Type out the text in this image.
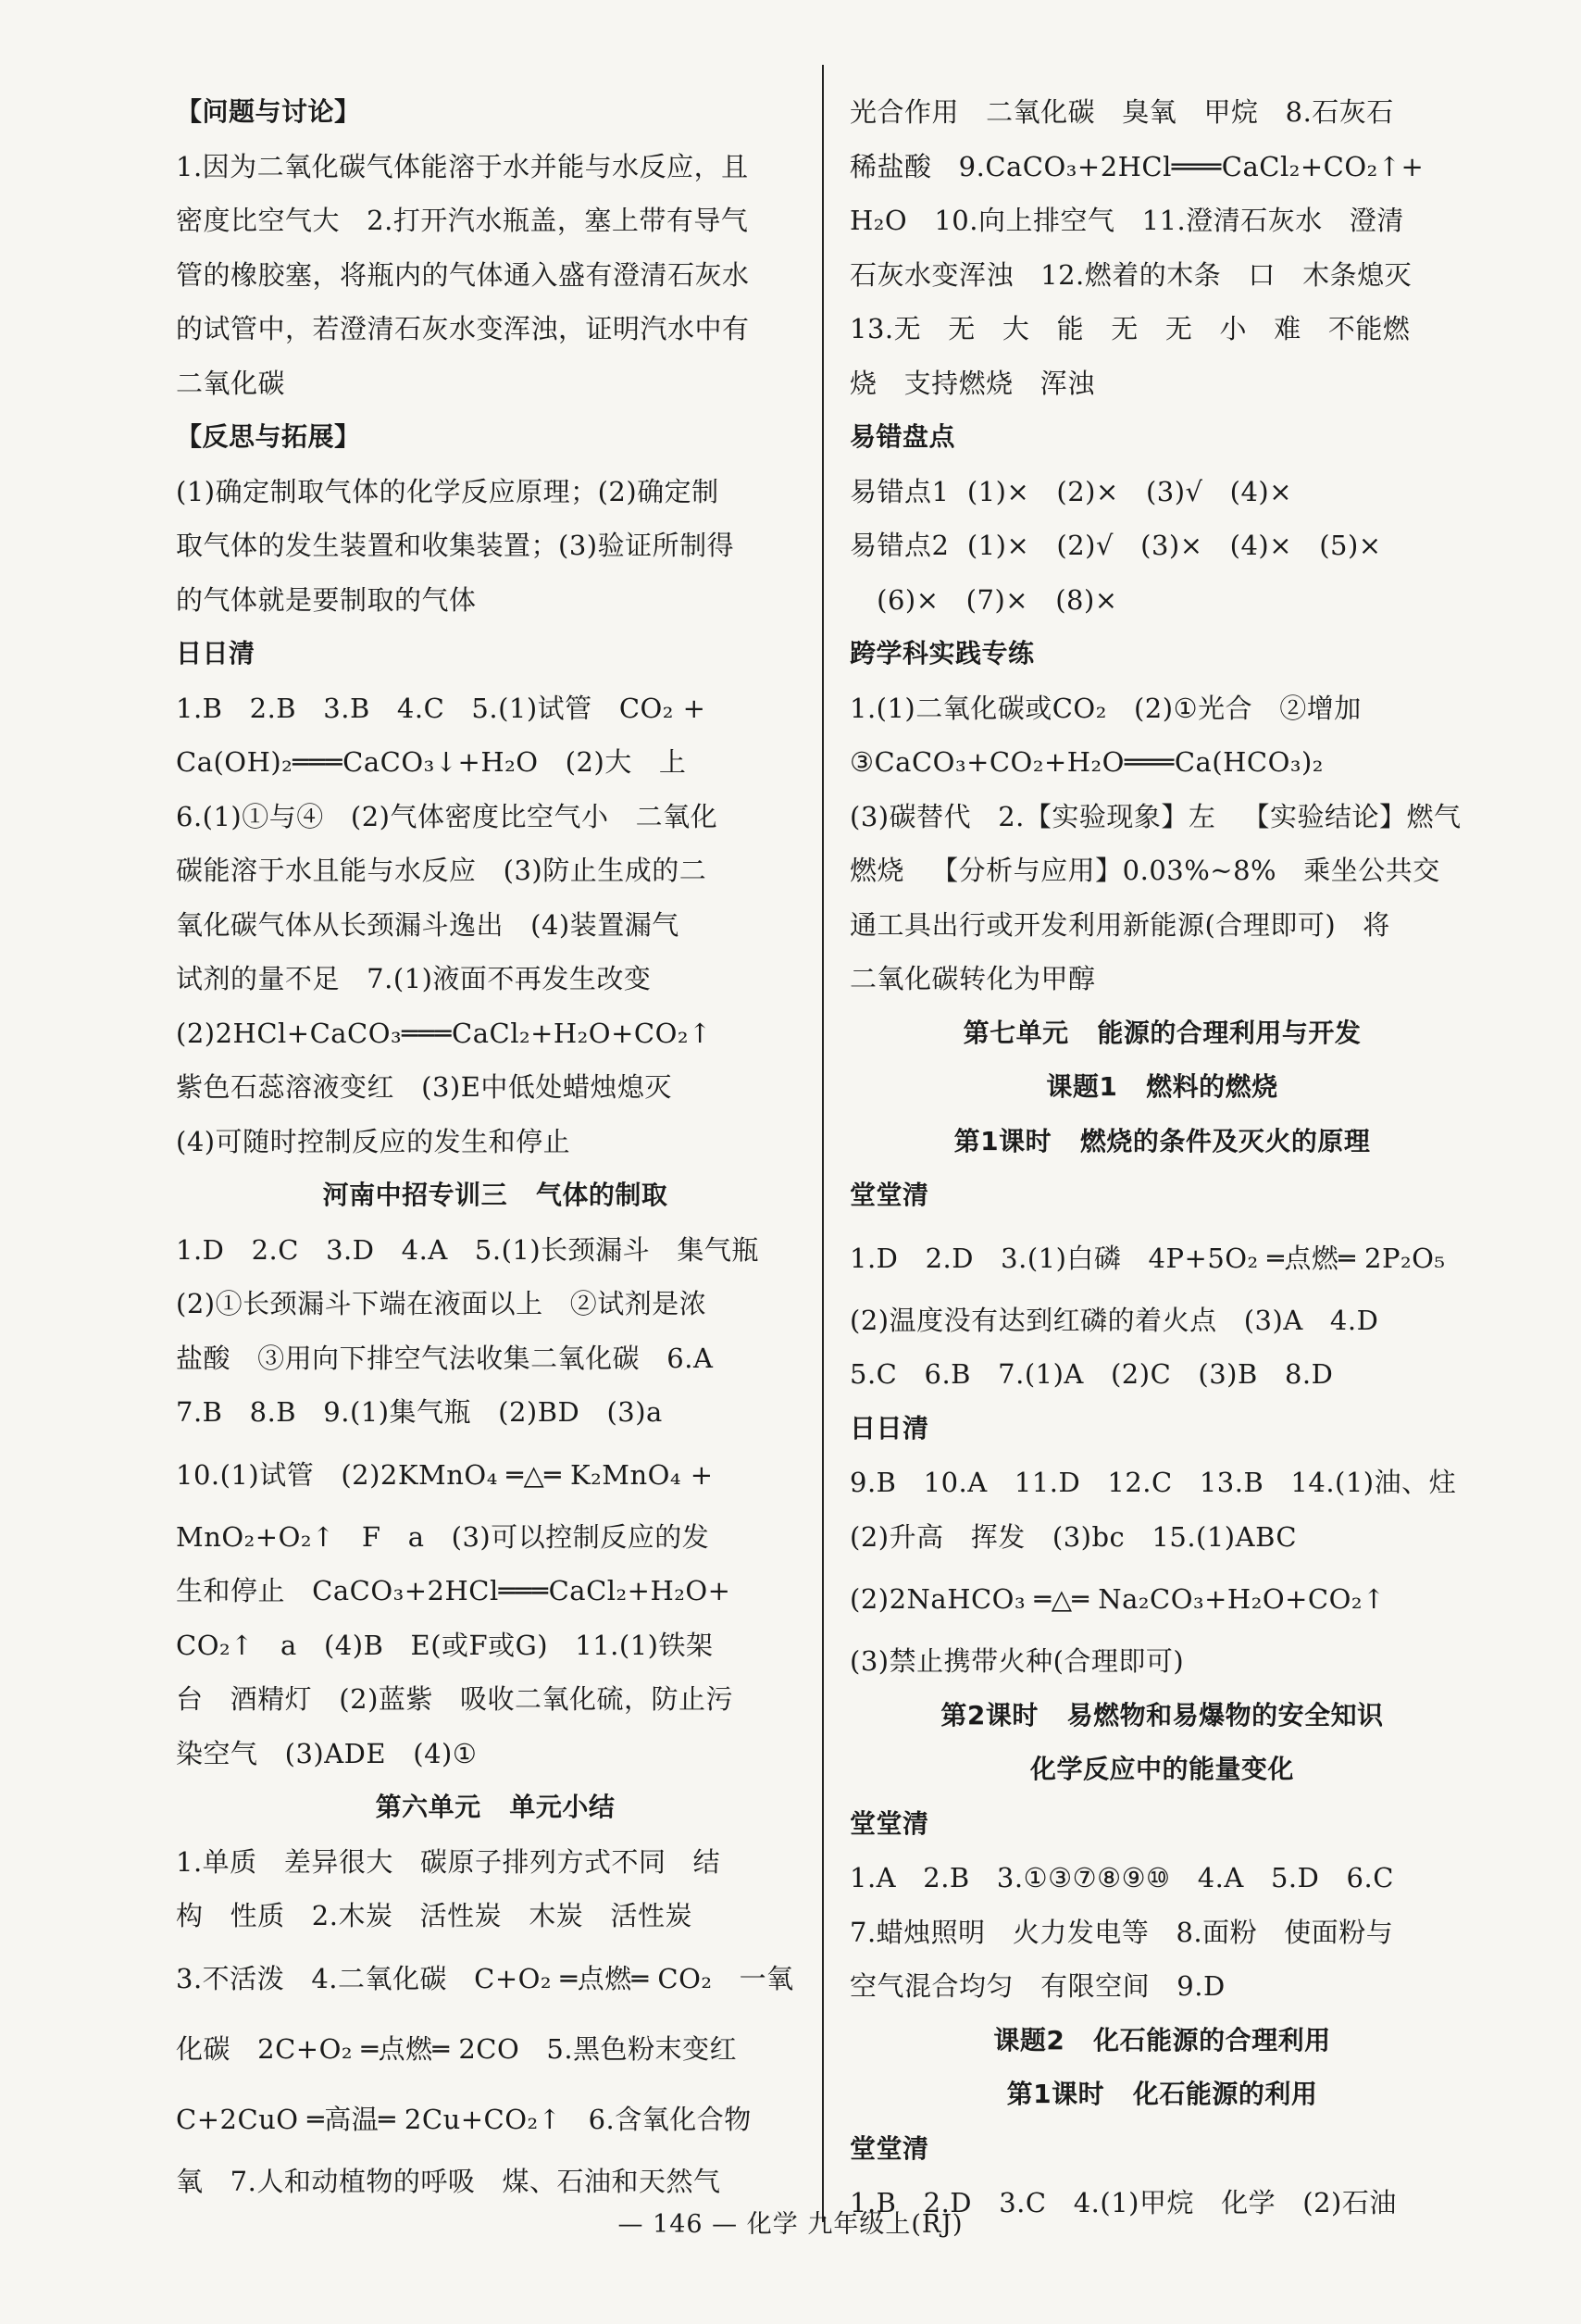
【问题与讨论】
1.因为二氧化碳气体能溶于水并能与水反应，且
密度比空气大   2.打开汽水瓶盖，塞上带有导气
管的橡胶塞，将瓶内的气体通入盛有澄清石灰水
的试管中，若澄清石灰水变浑浊，证明汽水中有
二氧化碳
【反思与拓展】
(1)确定制取气体的化学反应原理；(2)确定制
取气体的发生装置和收集装置；(3)验证所制得
的气体就是要制取的气体
日日清
1.B   2.B   3.B   4.C   5.(1)试管   CO₂ +
Ca(OH)₂═══CaCO₃↓+H₂O   (2)大   上
6.(1)①与④   (2)气体密度比空气小   二氧化
碳能溶于水且能与水反应   (3)防止生成的二
氧化碳气体从长颈漏斗逸出   (4)装置漏气
试剂的量不足   7.(1)液面不再发生改变
(2)2HCl+CaCO₃═══CaCl₂+H₂O+CO₂↑
紫色石蕊溶液变红   (3)E中低处蜡烛熄灭
(4)可随时控制反应的发生和停止
河南中招专训三   气体的制取
1.D   2.C   3.D   4.A   5.(1)长颈漏斗   集气瓶
(2)①长颈漏斗下端在液面以上   ②试剂是浓
盐酸   ③用向下排空气法收集二氧化碳   6.A
7.B   8.B   9.(1)集气瓶   (2)BD   (3)a
10.(1)试管   (2)2KMnO₄ ═△═ K₂MnO₄ +
MnO₂+O₂↑   F   a   (3)可以控制反应的发
生和停止   CaCO₃+2HCl═══CaCl₂+H₂O+
CO₂↑   a   (4)B   E(或F或G)   11.(1)铁架
台   酒精灯   (2)蓝紫   吸收二氧化硫，防止污
染空气   (3)ADE   (4)①
第六单元   单元小结
1.单质   差异很大   碳原子排列方式不同   结
构   性质   2.木炭   活性炭   木炭   活性炭
3.不活泼   4.二氧化碳   C+O₂ ═点燃═ CO₂   一氧
化碳   2C+O₂ ═点燃═ 2CO   5.黑色粉末变红
C+2CuO ═高温═ 2Cu+CO₂↑   6.含氧化合物
氧   7.人和动植物的呼吸   煤、石油和天然气
光合作用   二氧化碳   臭氧   甲烷   8.石灰石
稀盐酸   9.CaCO₃+2HCl═══CaCl₂+CO₂↑+
H₂O   10.向上排空气   11.澄清石灰水   澄清
石灰水变浑浊   12.燃着的木条   口   木条熄灭
13.无   无   大   能   无   无   小   难   不能燃
烧   支持燃烧   浑浊
易错盘点
易错点1  (1)×   (2)×   (3)√   (4)×
易错点2  (1)×   (2)√   (3)×   (4)×   (5)×
(6)×   (7)×   (8)×
跨学科实践专练
1.(1)二氧化碳或CO₂   (2)①光合   ②增加
③CaCO₃+CO₂+H₂O═══Ca(HCO₃)₂
(3)碳替代   2.【实验现象】左   【实验结论】燃气
燃烧   【分析与应用】0.03%~8%   乘坐公共交
通工具出行或开发利用新能源(合理即可)   将
二氧化碳转化为甲醇
第七单元   能源的合理利用与开发
课题1   燃料的燃烧
第1课时   燃烧的条件及灭火的原理
堂堂清
1.D   2.D   3.(1)白磷   4P+5O₂ ═点燃═ 2P₂O₅
(2)温度没有达到红磷的着火点   (3)A   4.D
5.C   6.B   7.(1)A   (2)C   (3)B   8.D
日日清
9.B   10.A   11.D   12.C   13.B   14.(1)油、炷
(2)升高   挥发   (3)bc   15.(1)ABC
(2)2NaHCO₃ ═△═ Na₂CO₃+H₂O+CO₂↑
(3)禁止携带火种(合理即可)
第2课时   易燃物和易爆物的安全知识
化学反应中的能量变化
堂堂清
1.A   2.B   3.①③⑦⑧⑨⑩   4.A   5.D   6.C
7.蜡烛照明   火力发电等   8.面粉   使面粉与
空气混合均匀   有限空间   9.D
课题2   化石能源的合理利用
第1课时   化石能源的利用
堂堂清
1.B   2.D   3.C   4.(1)甲烷   化学   (2)石油
— 146 — 化学 九年级上(RJ)
